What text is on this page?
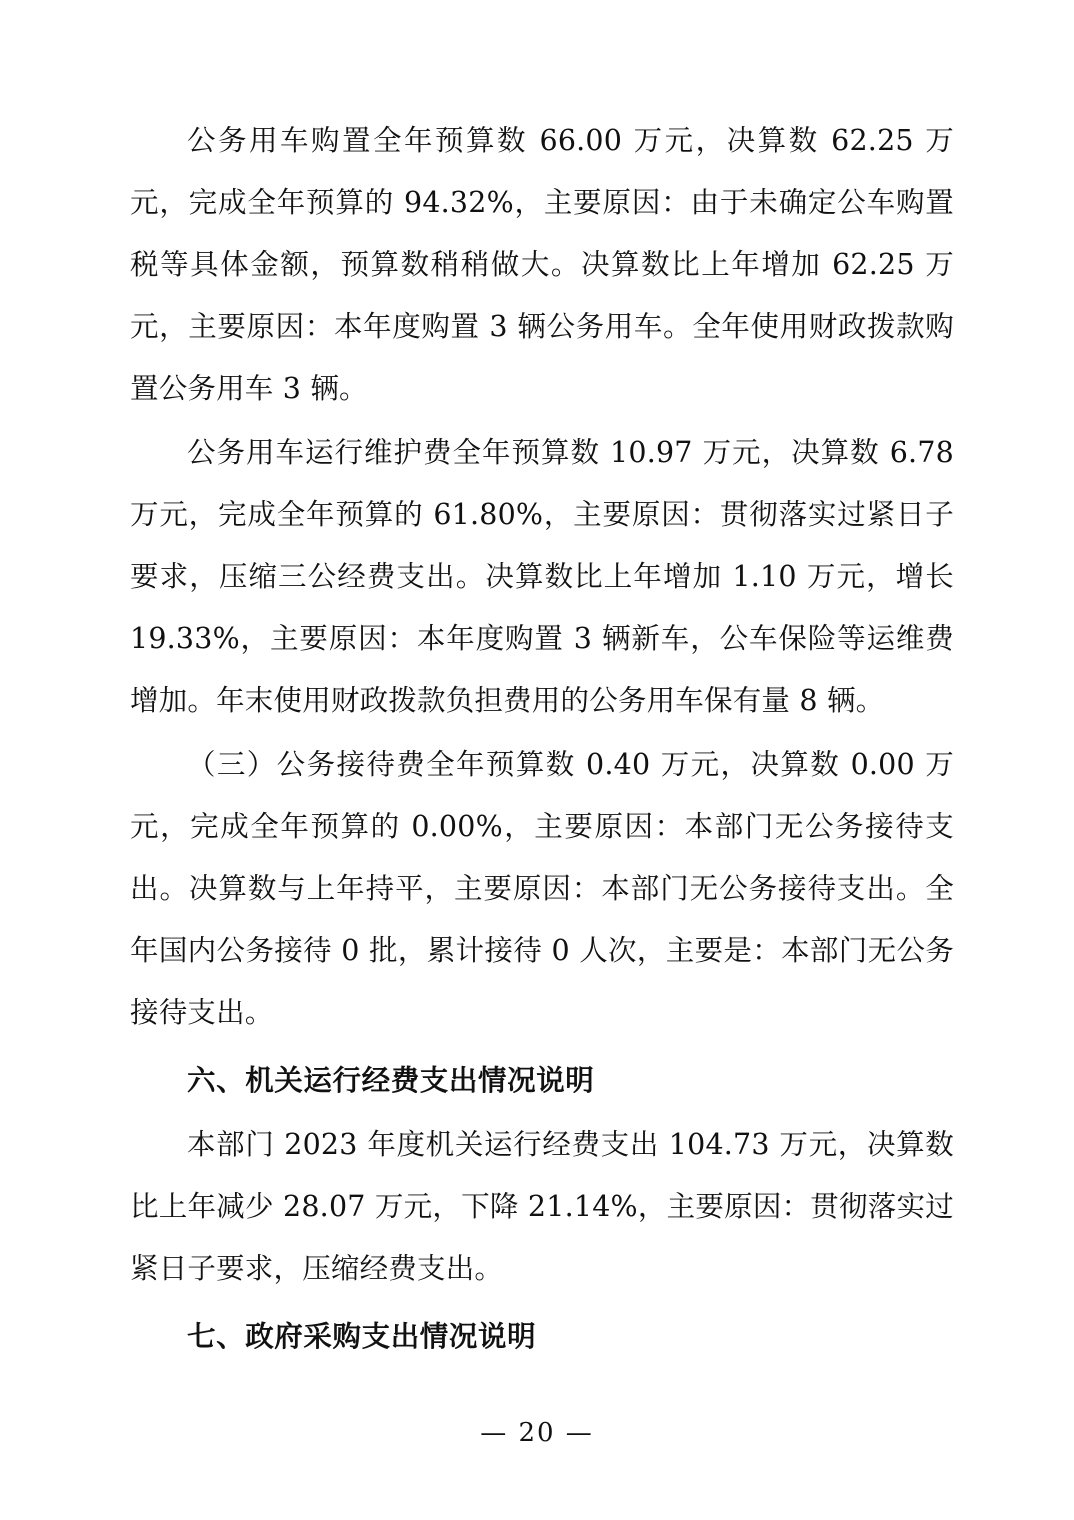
公务用车购置全年预算数 66.00 万元，决算数 62.25 万元，完成全年预算的 94.32%，主要原因：由于未确定公车购置税等具体金额，预算数稍稍做大。决算数比上年增加 62.25 万元，主要原因：本年度购置 3 辆公务用车。全年使用财政拨款购置公务用车 3 辆。
公务用车运行维护费全年预算数 10.97 万元，决算数 6.78 万元，完成全年预算的 61.80%，主要原因：贯彻落实过紧日子要求，压缩三公经费支出。决算数比上年增加 1.10 万元，增长 19.33%，主要原因：本年度购置 3 辆新车，公车保险等运维费增加。年末使用财政拨款负担费用的公务用车保有量 8 辆。
（三）公务接待费全年预算数 0.40 万元，决算数 0.00 万元，完成全年预算的 0.00%，主要原因：本部门无公务接待支出。决算数与上年持平，主要原因：本部门无公务接待支出。全年国内公务接待 0 批，累计接待 0 人次，主要是：本部门无公务接待支出。
六、机关运行经费支出情况说明
本部门 2023 年度机关运行经费支出 104.73 万元，决算数比上年减少 28.07 万元，下降 21.14%，主要原因：贯彻落实过紧日子要求，压缩经费支出。
七、政府采购支出情况说明
— 20 —
